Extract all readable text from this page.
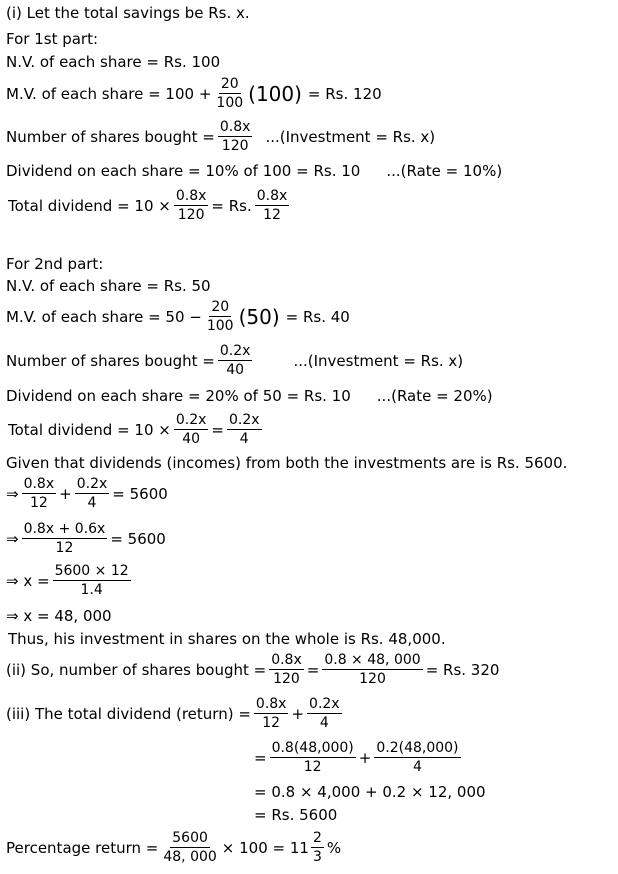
(i) Let the total savings be Rs. x.
For 1st part:
N.V. of each share = Rs. 100
M.V. of each share = $100 + \frac{20}{100} (100) = Rs$. 120
Number of shares bought = $\frac{0.8x}{120}$ ...(Investment = Rs. x)
Dividend on each share = 10% of 100 = Rs. 10 ...(Rate = 10%)
Total dividend = $10 \times \frac{0.8x}{120} = Rs$. $\frac{0.8x}{12}$
For 2nd part:
N.V. of each share = Rs. 50
M.V. of each share = $50 - \frac{20}{100} (50) = Rs$. 40
Number of shares bought = $\frac{0.2x}{40}$	...(Investment = Rs. x)
Dividend on each share = 20% of 50 = Rs. 10 ...(Rate = 20%)
Total dividend = $10 \times \frac{0.2x}{40} = \frac{0.2x}{4}$
Given that dividends (incomes) from both the investments are is Rs. 5600.
⇒ $\frac{0.8x}{12} + \frac{0.2x}{4} = 5600$
⇒ $\frac{0.8x + 0.6x}{12} = 5600$
⇒ $x = \frac{5600 \times 12}{1.4}$
⇒ x = 48, 000
Thus, his investment in shares on the whole is Rs. 48,000.
(ii) So, number of shares bought = $\frac{0.8x}{120} = \frac{0.8 \times 48, 000}{120} = Rs$. 320
(iii) The total dividend (return) = $\frac{0.8x}{12} + \frac{0.2x}{4}$
= $\frac{0.8(48,000)}{12} + \frac{0.2(48,000)}{4}$
= 0.8 × 4,000 + 0.2 × 12, 000
= Rs. 5600
Percentage return = $\frac{5600}{48, 000} \times 100 = 11 \frac{2}{3}$ %
